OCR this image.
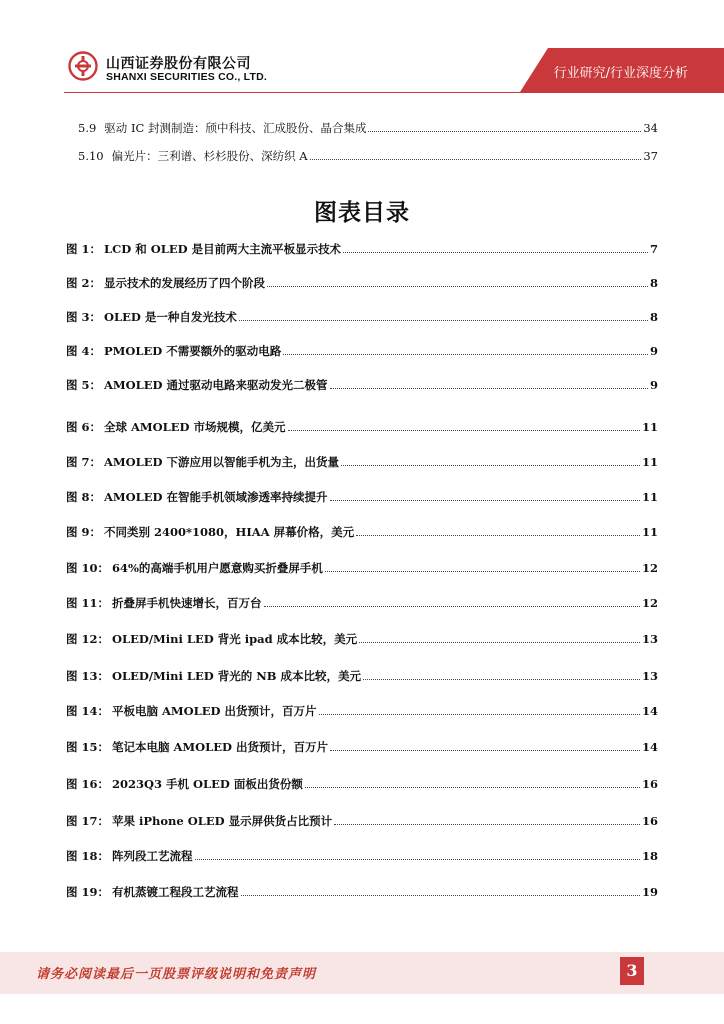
山西证券股份有限公司
SHANXI SECURITIES CO., LTD.	行业研究/行业深度分析
5.9 驱动 IC 封测制造：颀中科技、汇成股份、晶合集成	34
5.10 偏光片：三利谱、杉杉股份、深纺织 A	37
图表目录
图 1： LCD 和 OLED 是目前两大主流平板显示技术	7
图 2： 显示技术的发展经历了四个阶段	8
图 3： OLED 是一种自发光技术	8
图 4： PMOLED 不需要额外的驱动电路	9
图 5： AMOLED 通过驱动电路来驱动发光二极管	9
图 6： 全球 AMOLED 市场规模，亿美元	11
图 7： AMOLED 下游应用以智能手机为主，出货量	11
图 8： AMOLED 在智能手机领域渗透率持续提升	11
图 9： 不同类别 2400*1080，HIAA 屏幕价格，美元	11
图 10： 64%的高端手机用户愿意购买折叠屏手机	12
图 11： 折叠屏手机快速增长，百万台	12
图 12： OLED/Mini LED 背光 ipad 成本比较，美元	13
图 13： OLED/Mini LED 背光的 NB 成本比较，美元	13
图 14： 平板电脑 AMOLED 出货预计，百万片	14
图 15： 笔记本电脑 AMOLED 出货预计，百万片	14
图 16： 2023Q3 手机 OLED 面板出货份额	16
图 17： 苹果 iPhone OLED 显示屏供货占比预计	16
图 18： 阵列段工艺流程	18
图 19： 有机蒸镀工程段工艺流程	19
请务必阅读最后一页股票评级说明和免责声明	3
